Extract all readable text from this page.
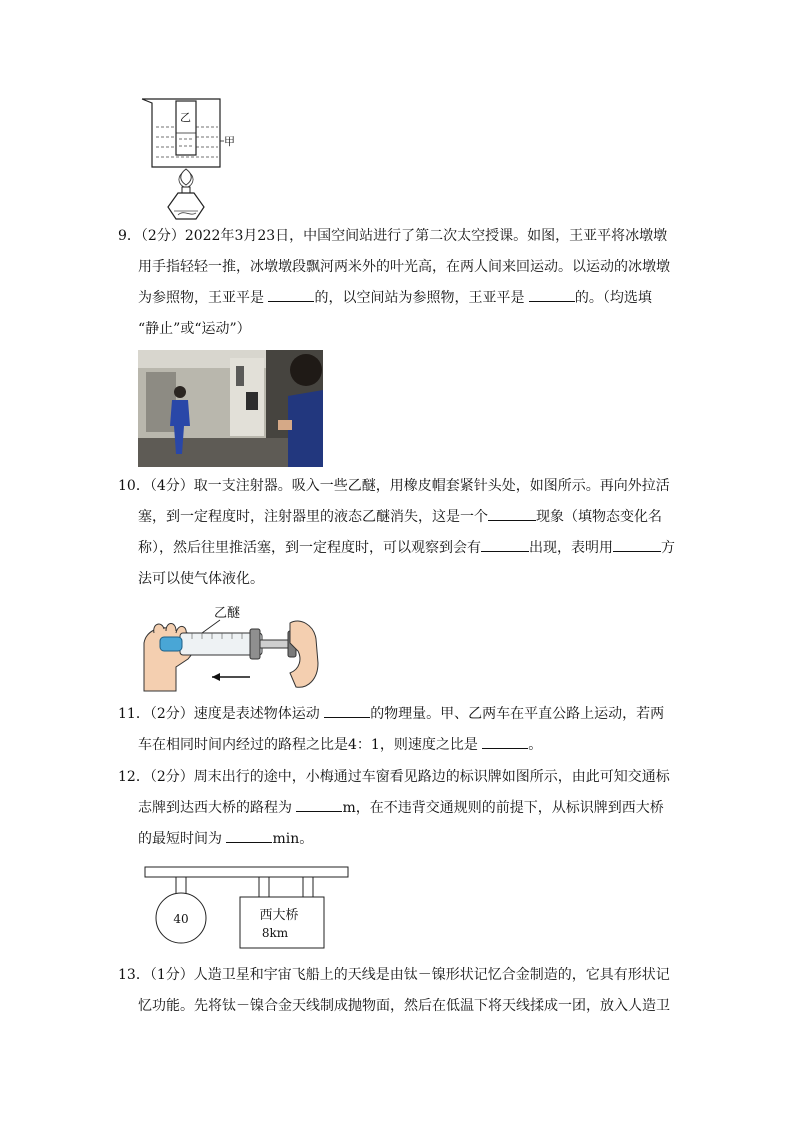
乙
甲

9．（2分）2022年3月23日，中国空间站进行了第二次太空授课。如图，王亚平将冰墩墩

用手指轻轻一推，冰墩墩段飘河两米外的叶光高，在两人间来回运动。以运动的冰墩墩

为参照物，王亚平是	的，以空间站为参照物，王亚平是	的。（均选填

“静止”或“运动”）

10．（4分）取一支注射器。吸入一些乙醚，用橡皮帽套紧针头处，如图所示。再向外拉活

塞，到一定程度时，注射器里的液态乙醚消失，这是一个	现象（填物态变化名

称），然后往里推活塞，到一定程度时，可以观察到会有	出现，表明用	方

法可以使气体液化。

乙醚

11．（2分）速度是表述物体运动	的物理量。甲、乙两车在平直公路上运动，若两

车在相同时间内经过的路程之比是4：1，则速度之比是	。

12．（2分）周末出行的途中，小梅通过车窗看见路边的标识牌如图所示，由此可知交通标

志牌到达西大桥的路程为	m，在不违背交通规则的前提下，从标识牌到西大桥

的最短时间为	min。

40	西大桥
8km

13．（1分）人造卫星和宇宙飞船上的天线是由钛－镍形状记忆合金制造的，它具有形状记

忆功能。先将钛－镍合金天线制成抛物面，然后在低温下将天线揉成一团，放入人造卫
